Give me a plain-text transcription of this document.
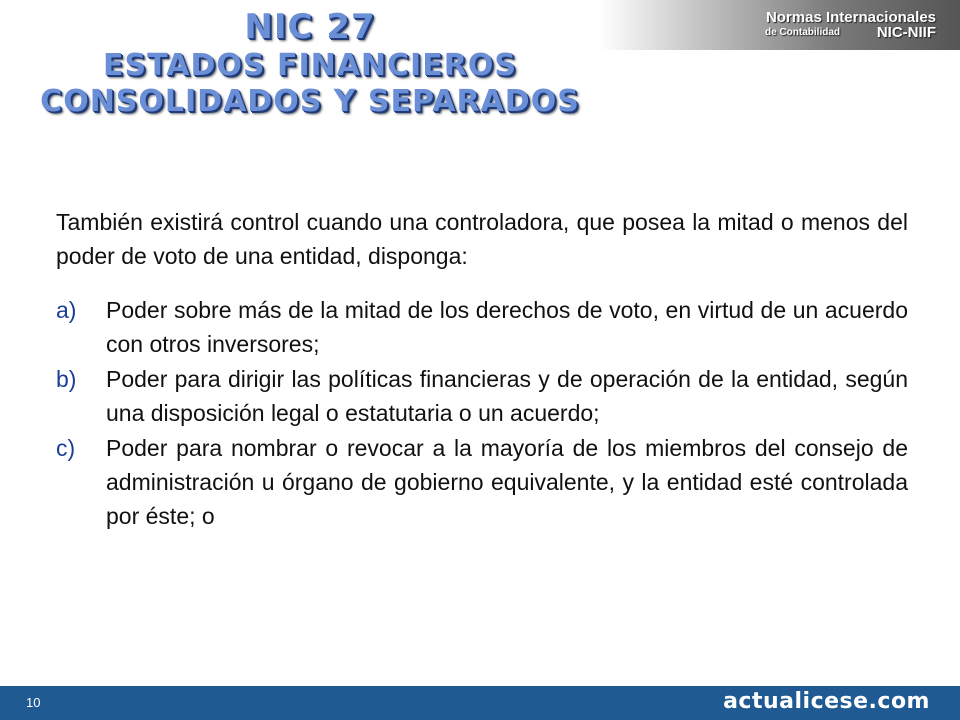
NIC 27
ESTADOS FINANCIEROS
CONSOLIDADOS Y SEPARADOS
Normas Internacionales
de Contabilidad NIC-NIIF

También existirá control cuando una controladora, que posea la mitad o menos del poder de voto de una entidad, disponga:

a) Poder sobre más de la mitad de los derechos de voto, en virtud de un acuerdo con otros inversores;
b) Poder para dirigir las políticas financieras y de operación de la entidad, según una disposición legal o estatutaria o un acuerdo;
c) Poder para nombrar o revocar a la mayoría de los miembros del consejo de administración u órgano de gobierno equivalente, y la entidad esté controlada por éste; o
10	actualicese.com
